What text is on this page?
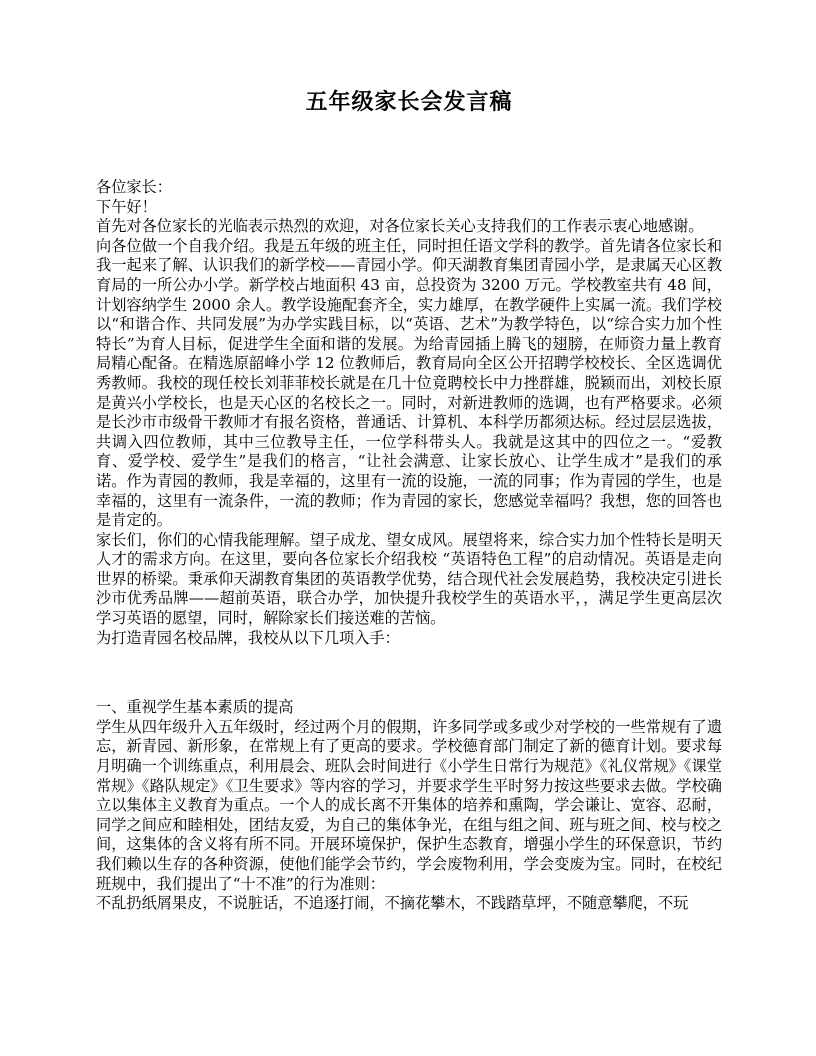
五年级家长会发言稿

各位家长：

下午好！

首先对各位家长的光临表示热烈的欢迎，对各位家长关心支持我们的工作表示衷心地感谢。

向各位做一个自我介绍。我是五年级的班主任，同时担任语文学科的教学。首先请各位家长和我一起来了解、认识我们的新学校——青园小学。仰天湖教育集团青园小学，是隶属天心区教育局的一所公办小学。新学校占地面积 43 亩，总投资为 3200 万元。学校教室共有 48 间，计划容纳学生 2000 余人。教学设施配套齐全，实力雄厚，在教学硬件上实属一流。我们学校以“和谐合作、共同发展”为办学实践目标，以“英语、艺术”为教学特色，以“综合实力加个性特长”为育人目标，促进学生全面和谐的发展。为给青园插上腾飞的翅膀，在师资力量上教育局精心配备。在精选原韶峰小学 12 位教师后，教育局向全区公开招聘学校校长、全区选调优秀教师。我校的现任校长刘菲菲校长就是在几十位竟聘校长中力挫群雄，脱颖而出，刘校长原是黄兴小学校长，也是天心区的名校长之一。同时，对新进教师的选调，也有严格要求。必须是长沙市市级骨干教师才有报名资格，普通话、计算机、本科学历都须达标。经过层层选拔，共调入四位教师，其中三位教导主任，一位学科带头人。我就是这其中的四位之一。“爱教育、爱学校、爱学生”是我们的格言，“让社会满意、让家长放心、让学生成才”是我们的承诺。作为青园的教师，我是幸福的，这里有一流的设施，一流的同事；作为青园的学生，也是幸福的，这里有一流条件，一流的教师；作为青园的家长，您感觉幸福吗？我想，您的回答也是肯定的。

家长们，你们的心情我能理解。望子成龙、望女成风。展望将来，综合实力加个性特长是明天人才的需求方向。在这里，要向各位家长介绍我校 “英语特色工程”的启动情况。英语是走向世界的桥梁。秉承仰天湖教育集团的英语教学优势，结合现代社会发展趋势，我校决定引进长沙市优秀品牌——超前英语，联合办学，加快提升我校学生的英语水平，，满足学生更高层次学习英语的愿望，同时，解除家长们接送难的苦恼。

为打造青园名校品牌，我校从以下几项入手：

一、重视学生基本素质的提高

学生从四年级升入五年级时，经过两个月的假期，许多同学或多或少对学校的一些常规有了遗忘，新青园、新形象，在常规上有了更高的要求。学校德育部门制定了新的德育计划。要求每月明确一个训练重点，利用晨会、班队会时间进行《小学生日常行为规范》《礼仪常规》《课堂常规》《路队规定》《卫生要求》等内容的学习，并要求学生平时努力按这些要求去做。学校确立以集体主义教育为重点。一个人的成长离不开集体的培养和熏陶，学会谦让、宽容、忍耐，同学之间应和睦相处，团结友爱，为自己的集体争光，在组与组之间、班与班之间、校与校之间，这集体的含义将有所不同。开展环境保护，保护生态教育，增强小学生的环保意识，节约我们赖以生存的各种资源，使他们能学会节约，学会废物利用，学会变废为宝。同时，在校纪班规中，我们提出了“十不准”的行为准则：

不乱扔纸屑果皮，不说脏话，不追逐打闹，不摘花攀木，不践踏草坪，不随意攀爬，不玩
